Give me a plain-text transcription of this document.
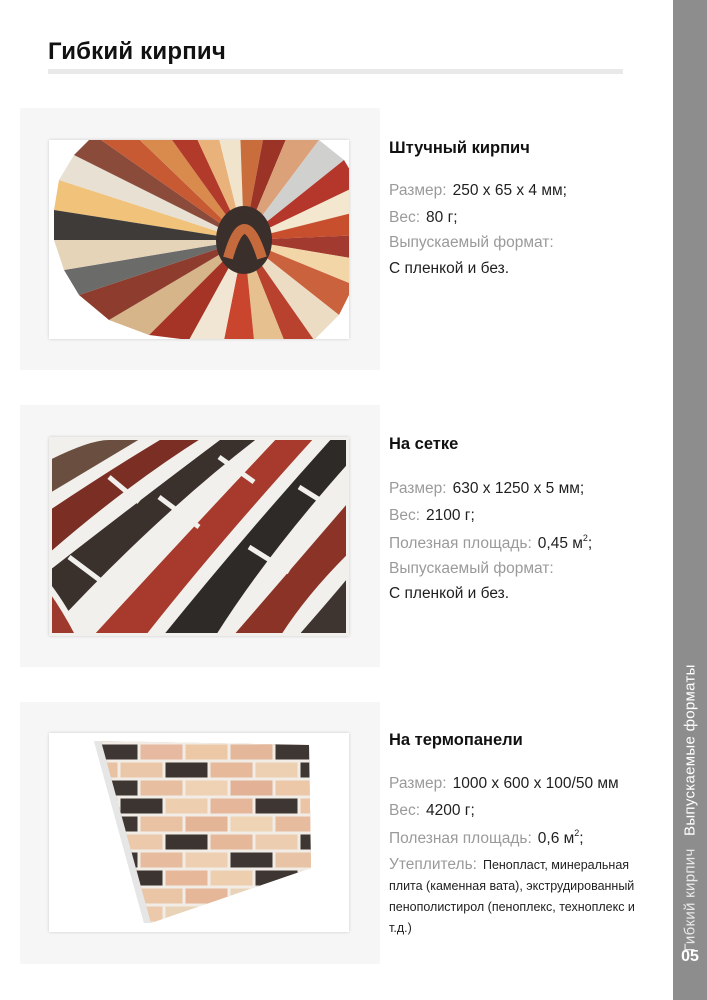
Гибкий кирпич
Гибкий кирпич Выпускаемые форматы
05
Штучный кирпич
Размер: 250 х 65 х 4 мм;
Вес: 80 г;
Выпускаемый формат:
С пленкой и без.
На сетке
Размер: 630 х 1250 х 5 мм;
Вес: 2100 г;
Полезная площадь: 0,45 $м^2$;
Выпускаемый формат:
С пленкой и без.
На термопанели
Размер: 1000 х 600 х 100/50 мм
Вес: 4200 г;
Полезная площадь: 0,6 $м^2$;
Утеплитель: Пенопласт, минеральная плита (каменная вата), экструдированный пенополистирол (пеноплекс, техноплекс и т.д.)
